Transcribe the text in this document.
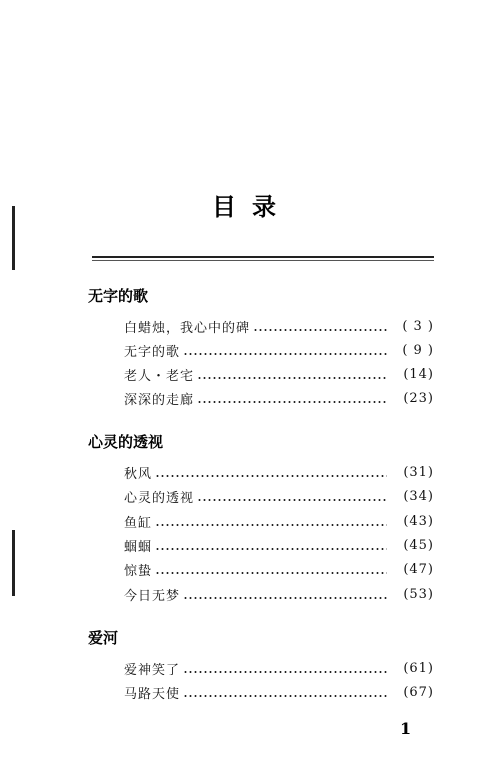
目录
无字的歌
白蜡烛，我心中的碑	( 3 )
无字的歌	( 9 )
老人・老宅	(14)
深深的走廊	(23)
心灵的透视
秋风	(31)
心灵的透视	(34)
鱼缸	(43)
蝈蝈	(45)
惊蛰	(47)
今日无梦	(53)
爱河
爱神笑了	(61)
马路天使	(67)
1
